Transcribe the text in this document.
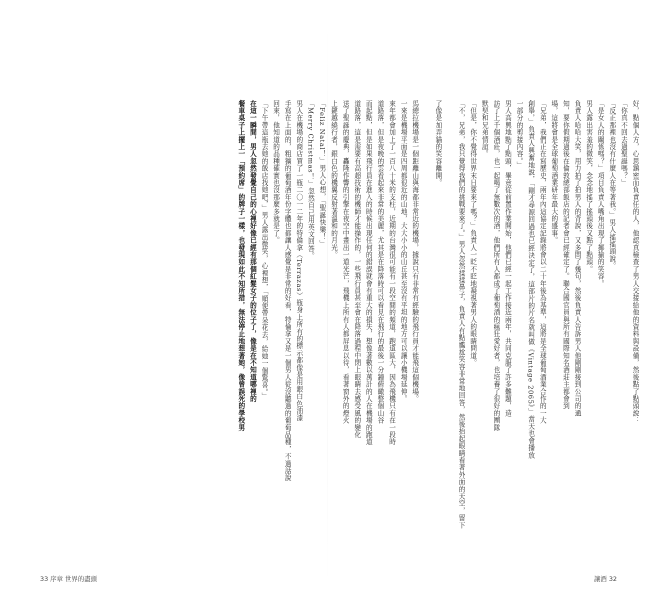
好，點個人方，心思鎮密而負責任的人，他認真檢查了男人交接給他的資料與設備，然後點了點頭說：
「你真不回去過聖誕嗎？」
「反正那裡也沒有什麼人在等著我。」男人搖搖頭說。
「是女人的關係嗎？」項目負責人嘴角出現了揶揄的笑容。
男人露出害羞的微笑，念念地搖了搖頭後又點了點頭。
負責人哈哈大笑，用力拍了拍男人的背說，又多問了幾句，然後負責人告訴男人他剛剛接到公司的通
知，要你假期過後在倫敦總部飯店的記者會已經確定了。聯合國官員與所有國際知名酒莊主都會到
場，這將會是全球葡萄酒業研年最大的盛事。
「兄弟，我們正在寫歷史，兩年內這協定記錄將會以二十年後為基準，這將是全球葡萄酒業合作的一大
創舉，」負責人興奮地說，「剛才尋源回過也已經決定了，這部片的片名就叫做《Vintage 2065》」當天也會播放
一部分的剪接內容。」
男人高興地點了點頭，畢竟從前置作業開始，他們已經一起工作接近兩年，共同克服了許多難題，造
訪了上千個酒莊，也一起喝了無數次的酒，他們所有人都成了葡萄酒的瘋狂愛好者，也培養了很好的團隊
默契和兄弟情誼。
「但是，你不覺得世界末日要來了嗎？」負責人一眨不眨地凝視著男人的眼睛問道。
「不，兄弟，我只覺得我們的挑戰要來了。」男人忽然揉揉鼻子，負責人有點尷尬笑容非常地回答，然後抬起眼睛看著外面的天空，留下

了像是加弄貓的笑容離開。

馬總拉機場是一個距離山與海都非常近的機場，據說只有非常有經驗的飛行員才能飛這個機場。
一來是機場平面是四周都很近的山地，大大小小的山丘甚至沒有平坦的地方可以讓小機場延伸。
來年都會加上了一百八十米的支柱，近期的台灣很可能有一段空間的頻道，跑道區大，因為飛機只有在一段時
道路落，但是夜晚的雲看起來非常的美麗，尤其是在降落時可以看見在飛行的最後一分鐘俯瞰整個山谷
而起點，但是如果飛行員在進入的時候出現任何的錯誤就會有重大的損失，想像著數以萬計的人在機場的跑道
道路落，這是需要有高超技術的機師才能操作的，一些飛行員甚至會在降落過程中閉上眼睛去感受風的變化
送了聖誕的慶典，轟隆作響的引擎在夜空中畫出一道光芒，飛機上所有人都屏息以待，看著窗外的燈火
上鍵越繞行者，銀白色的機翼反射著溫和的月光。
「Feliz Natal！」男人心想，「聖誕快樂！」
「Merry Christmas！」忽然自己用英文回答。
男人在機場的商店買了一瓶二〇一二年的特倫拿（Terrazas）瓶身上所有的標示都像是用銀白色油漆
手寫在上面的，粗獷的葡萄酒年份字體也都讓人感覺是非常的好看，特倫拿又是一個男人從沒聽過的葡萄品種，不過話說
回來，他知道的品種確實也沒那麼多就是了。
「下午帶這瓶去她的飯店找她吧，」男人露出微笑，心裡想，「順便帶朵花去，給她一個驚喜。」
在這一瞬間，男人忽然發覺自己的心裡好像已經有那個紅髮女子的位子了，像是在不知道哪裡的
餐車桌子上擺上一「預約席」的牌子一樣，也發現如此不知所措，無法停止地想著她，像曾誤死的學校男
33 序章 世界的盡頭	讓酒 32
